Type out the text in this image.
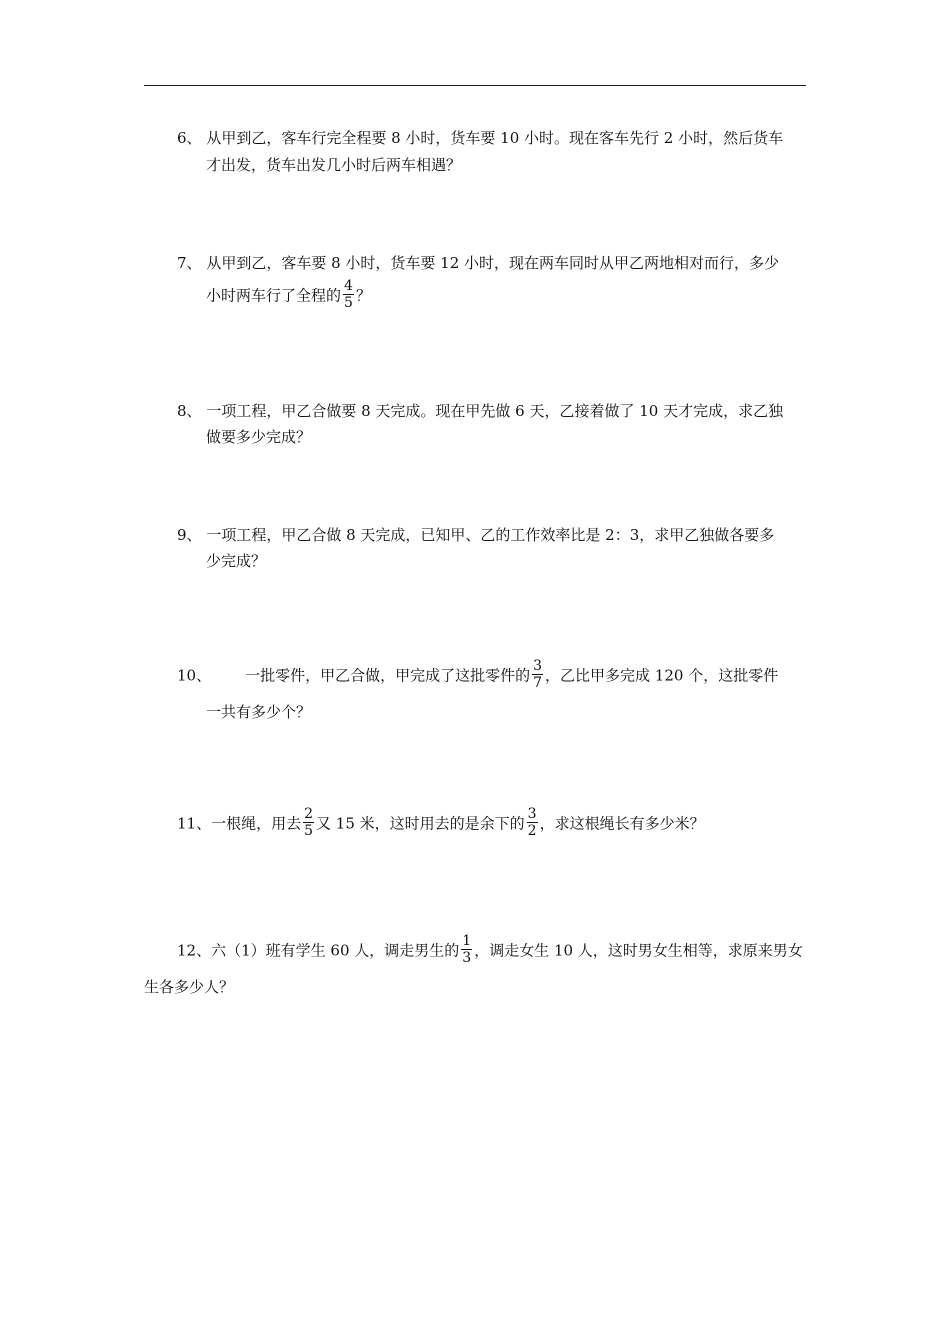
6、 从甲到乙，客车行完全程要 8 小时，货车要 10 小时。现在客车先行 2 小时，然后货车
才出发，货车出发几小时后两车相遇？
7、 从甲到乙，客车要 8 小时，货车要 12 小时，现在两车同时从甲乙两地相对而行，多少
小时两车行了全程的 $\frac{4}{5}$ ？
8、 一项工程，甲乙合做要 8 天完成。现在甲先做 6 天，乙接着做了 10 天才完成，求乙独
做要多少完成？
9、 一项工程，甲乙合做 8 天完成，已知甲、乙的工作效率比是 2：3，求甲乙独做各要多
少完成？
10、 一批零件，甲乙合做，甲完成了这批零件的 $\frac{3}{7}$ ，乙比甲多完成 120 个，这批零件
一共有多少个？
11、一根绳，用去 $\frac{2}{5}$ 又 15 米，这时用去的是余下的 $\frac{3}{2}$ ，求这根绳长有多少米？
12、六（1）班有学生 60 人，调走男生的 $\frac{1}{3}$ ，调走女生 10 人，这时男女生相等，求原来男女
生各多少人？
